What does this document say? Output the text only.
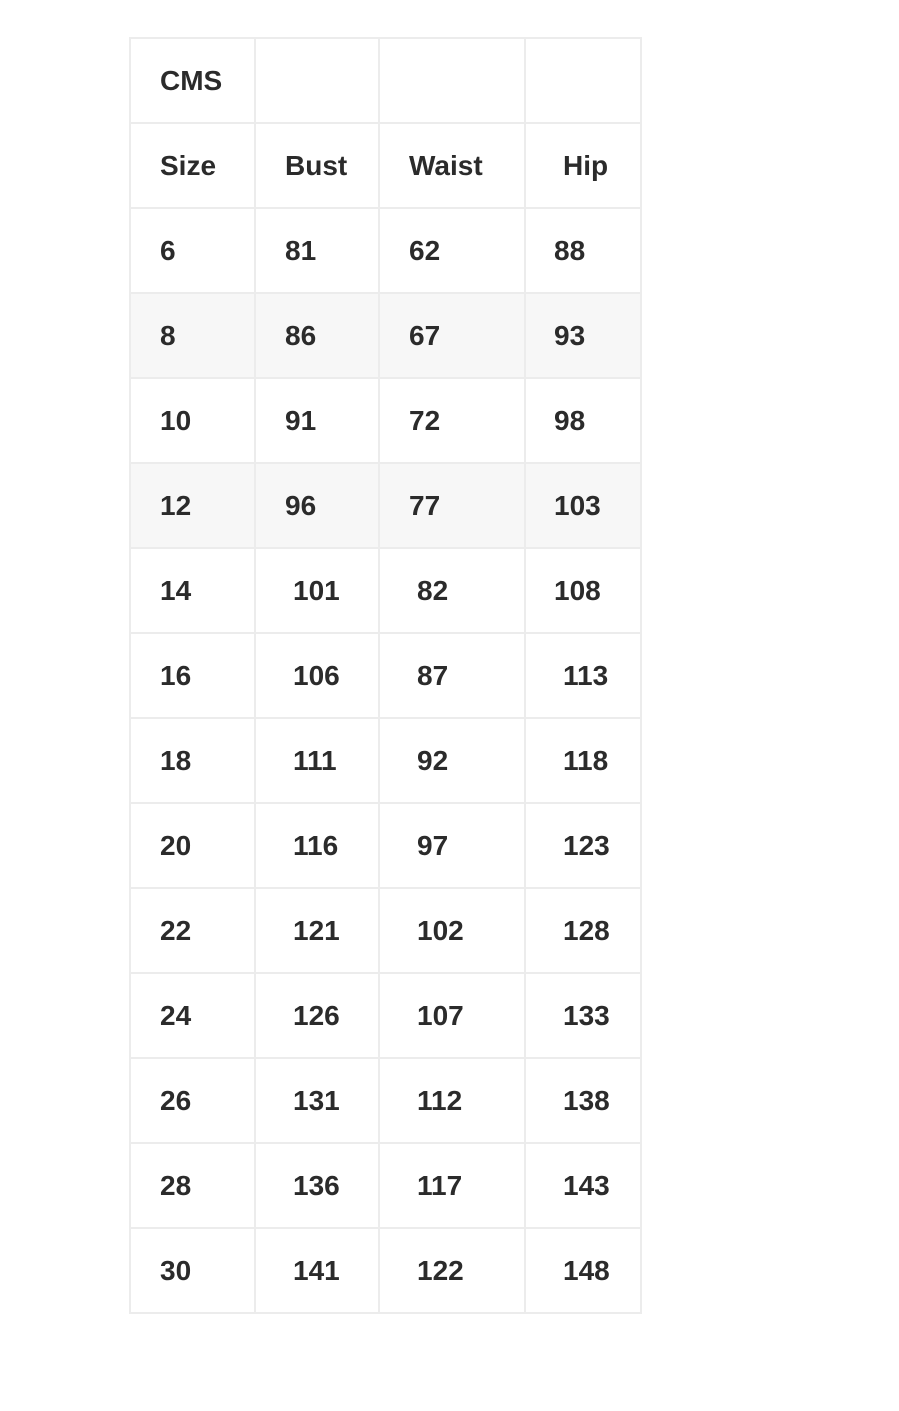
CMS			
Size	Bust	Waist	Hip
6	81	62	88
8	86	67	93
10	91	72	98
12	96	77	103
14	101	82	108
16	106	87	113
18	111	92	118
20	116	97	123
22	121	102	128
24	126	107	133
26	131	112	138
28	136	117	143
30	141	122	148
